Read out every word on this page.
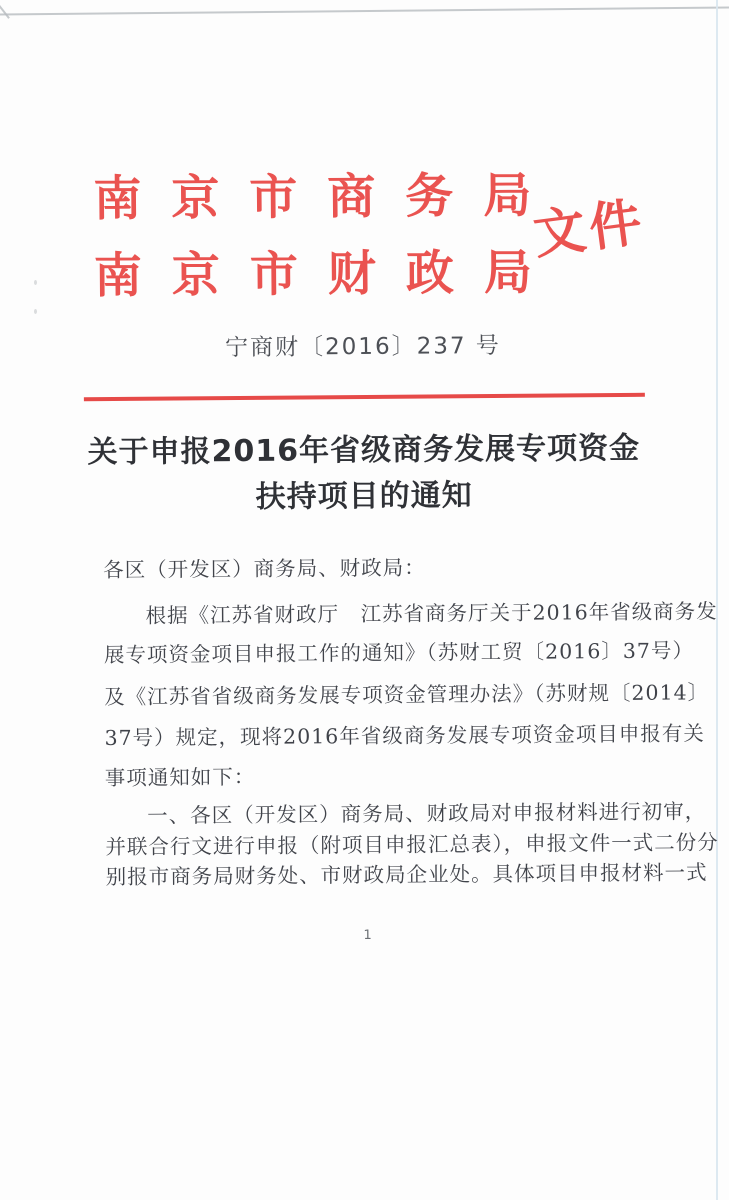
南京市商务局
南京市财政局
文件
宁商财〔2016〕237 号
关于申报2016年省级商务发展专项资金
扶持项目的通知
各区（开发区）商务局、财政局：
根据《江苏省财政厅　江苏省商务厅关于2016年省级商务发
展专项资金项目申报工作的通知》（苏财工贸〔2016〕37号）
及《江苏省省级商务发展专项资金管理办法》（苏财规〔2014〕
37号）规定，现将2016年省级商务发展专项资金项目申报有关
事项通知如下：
一、各区（开发区）商务局、财政局对申报材料进行初审，
并联合行文进行申报（附项目申报汇总表），申报文件一式二份分
别报市商务局财务处、市财政局企业处。具体项目申报材料一式
1
